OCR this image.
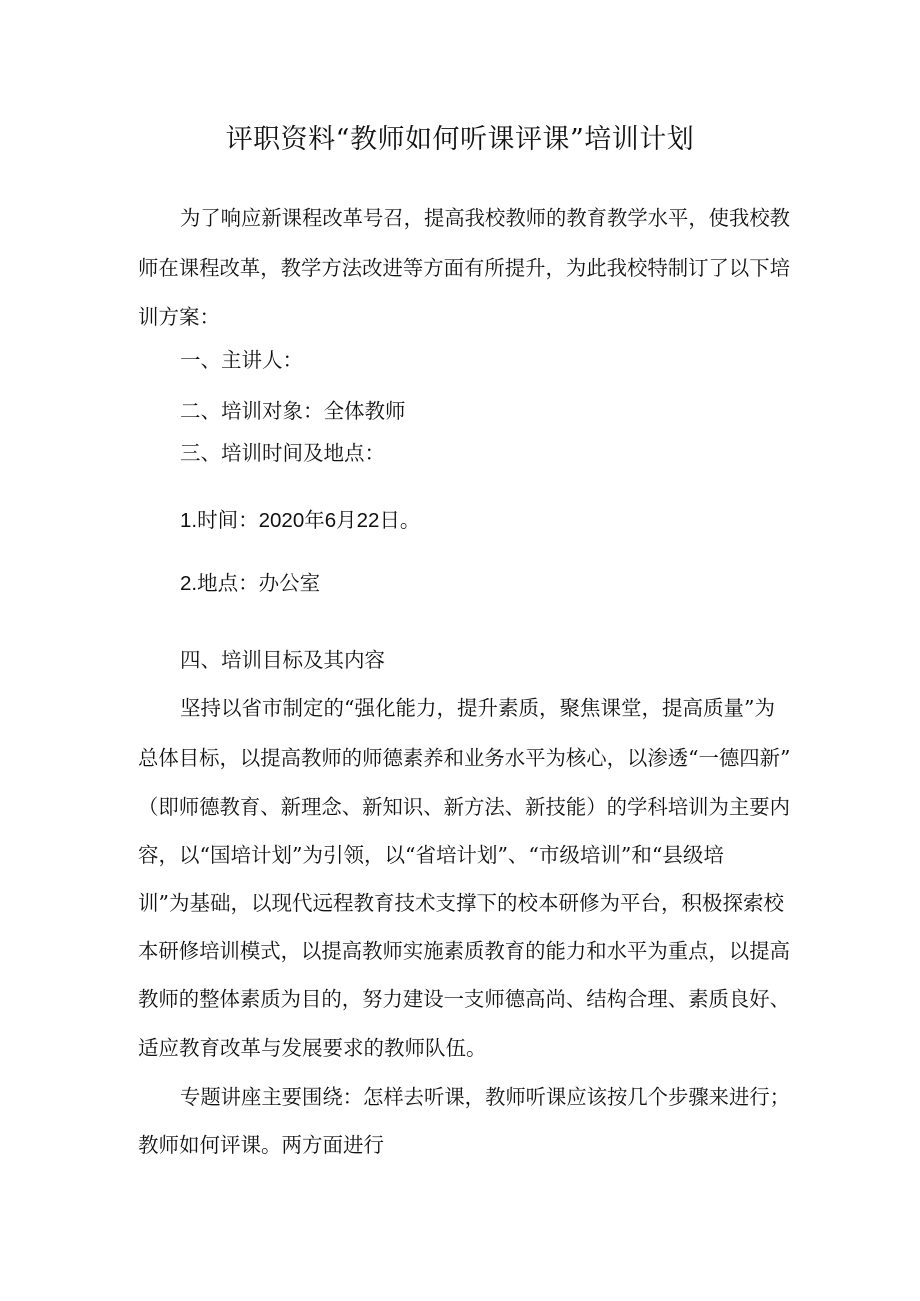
评职资料“教师如何听课评课”培训计划
为了响应新课程改革号召，提高我校教师的教育教学水平，使我校教
师在课程改革，教学方法改进等方面有所提升，为此我校特制订了以下培
训方案：
一、主讲人：
二、培训对象：全体教师
三、培训时间及地点：
1.时间：2020年6月22日。
2.地点：办公室
四、培训目标及其内容
坚持以省市制定的“强化能力，提升素质，聚焦课堂，提高质量”为
总体目标，以提高教师的师德素养和业务水平为核心，以渗透“一德四新”
（即师德教育、新理念、新知识、新方法、新技能）的学科培训为主要内
容，以“国培计划”为引领，以“省培计划”、“市级培训”和“县级培
训”为基础，以现代远程教育技术支撑下的校本研修为平台，积极探索校
本研修培训模式，以提高教师实施素质教育的能力和水平为重点，以提高
教师的整体素质为目的，努力建设一支师德高尚、结构合理、素质良好、
适应教育改革与发展要求的教师队伍。
专题讲座主要围绕：怎样去听课，教师听课应该按几个步骤来进行；
教师如何评课。两方面进行
